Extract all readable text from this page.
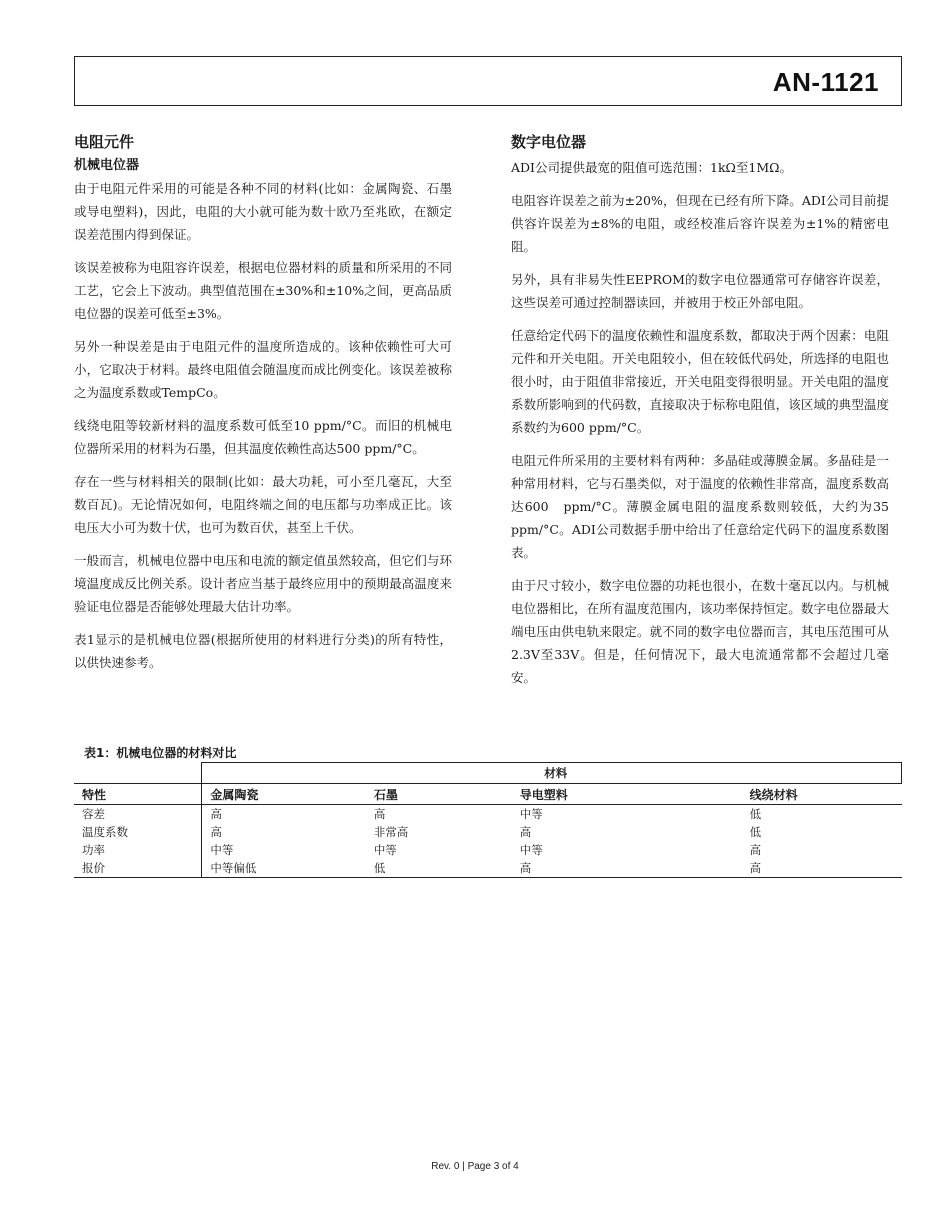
AN-1121
电阻元件
机械电位器

由于电阻元件采用的可能是各种不同的材料(比如：金属陶瓷、石墨或导电塑料)，因此，电阻的大小就可能为数十欧乃至兆欧，在额定误差范围内得到保证。

该误差被称为电阻容许误差，根据电位器材料的质量和所采用的不同工艺，它会上下波动。典型值范围在±30%和±10%之间，更高品质电位器的误差可低至±3%。

另外一种误差是由于电阻元件的温度所造成的。该种依赖性可大可小，它取决于材料。最终电阻值会随温度而成比例变化。该误差被称之为温度系数或TempCo。

线绕电阻等较新材料的温度系数可低至10 ppm/°C。而旧的机械电位器所采用的材料为石墨，但其温度依赖性高达500 ppm/°C。

存在一些与材料相关的限制(比如：最大功耗，可小至几毫瓦，大至数百瓦)。无论情况如何，电阻终端之间的电压都与功率成正比。该电压大小可为数十伏，也可为数百伏，甚至上千伏。

一般而言，机械电位器中电压和电流的额定值虽然较高，但它们与环境温度成反比例关系。设计者应当基于最终应用中的预期最高温度来验证电位器是否能够处理最大估计功率。

表1显示的是机械电位器(根据所使用的材料进行分类)的所有特性，以供快速参考。

数字电位器

ADI公司提供最宽的阻值可选范围：1kΩ至1MΩ。

电阻容许误差之前为±20%，但现在已经有所下降。ADI公司目前提供容许误差为±8%的电阻，或经校准后容许误差为±1%的精密电阻。

另外，具有非易失性EEPROM的数字电位器通常可存储容许误差，这些误差可通过控制器读回，并被用于校正外部电阻。

任意给定代码下的温度依赖性和温度系数，都取决于两个因素：电阻元件和开关电阻。开关电阻较小，但在较低代码处，所选择的电阻也很小时，由于阻值非常接近，开关电阻变得很明显。开关电阻的温度系数所影响到的代码数，直接取决于标称电阻值，该区域的典型温度系数约为600 ppm/°C。

电阻元件所采用的主要材料有两种：多晶硅或薄膜金属。多晶硅是一种常用材料，它与石墨类似，对于温度的依赖性非常高，温度系数高达600　ppm/°C。薄膜金属电阻的温度系数则较低，大约为35 ppm/°C。ADI公司数据手册中给出了任意给定代码下的温度系数图表。

由于尺寸较小，数字电位器的功耗也很小，在数十毫瓦以内。与机械电位器相比，在所有温度范围内，该功率保持恒定。数字电位器最大端电压由供电轨来限定。就不同的数字电位器而言，其电压范围可从2.3V至33V。但是，任何情况下，最大电流通常都不会超过几毫安。

表1：机械电位器的材料对比
	材料			
特性	金属陶瓷	石墨	导电塑料	线绕材料
容差	高	高	中等	低
温度系数	高	非常高	高	低
功率	中等	中等	中等	高
报价	中等偏低	低	高	高
Rev. 0 | Page 3 of 4
